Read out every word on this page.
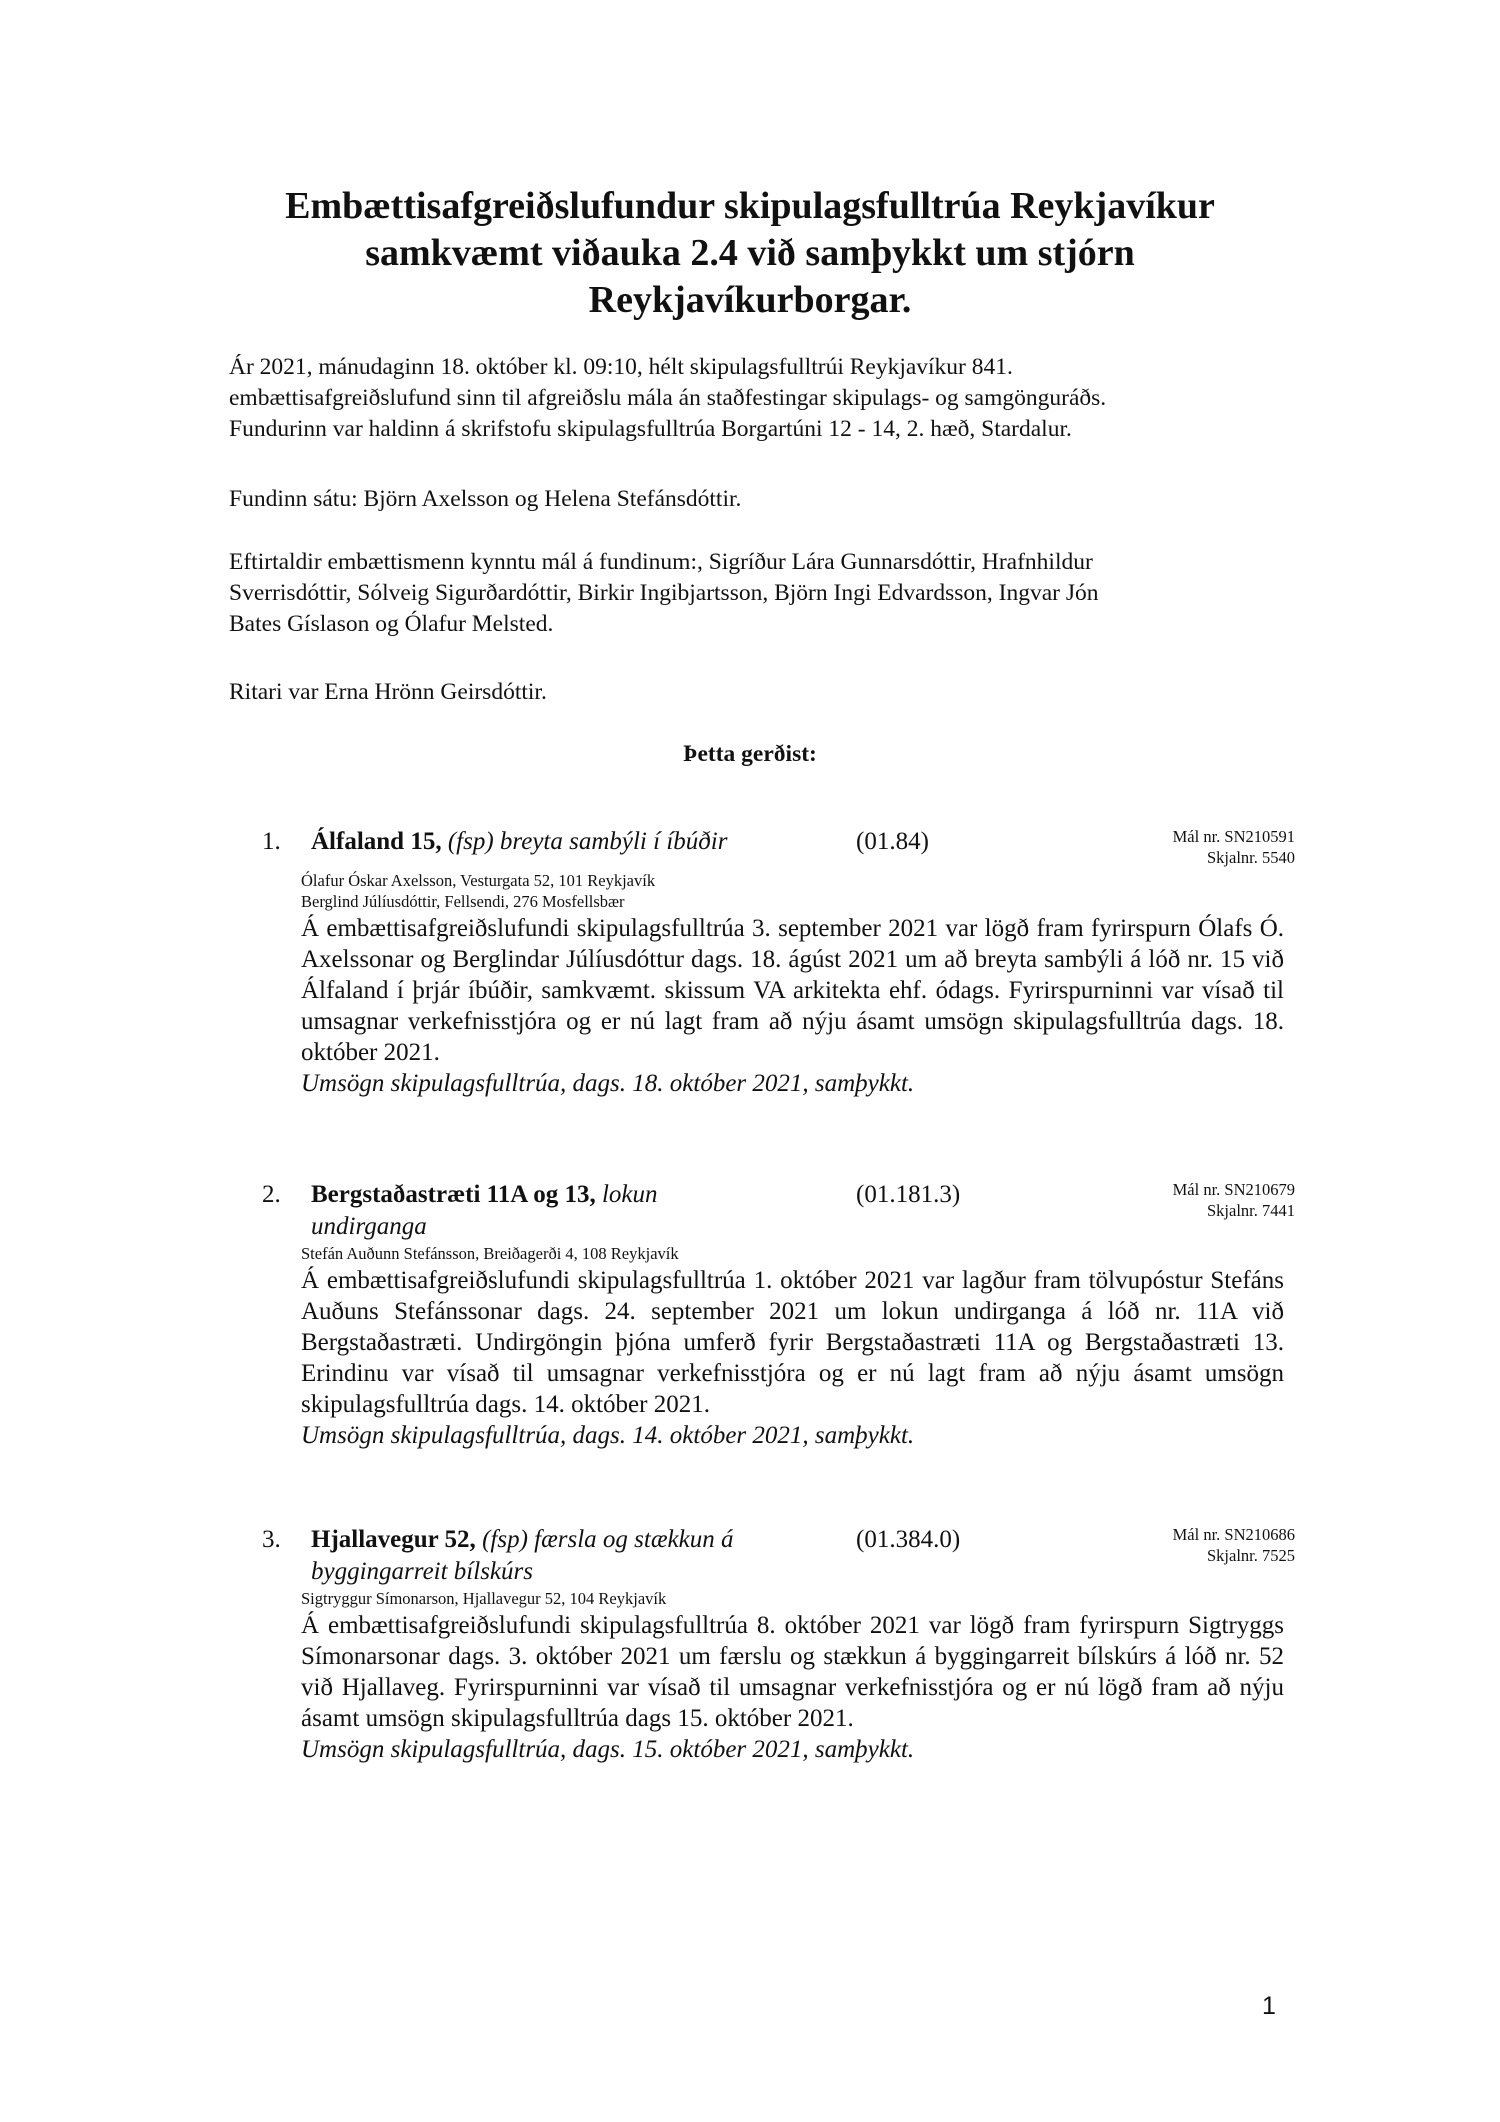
Embættisafgreiðslufundur skipulagsfulltrúa Reykjavíkur
samkvæmt viðauka 2.4 við samþykkt um stjórn
Reykjavíkurborgar.
Ár 2021, mánudaginn 18. október kl. 09:10, hélt skipulagsfulltrúi Reykjavíkur 841.
embættisafgreiðslufund sinn til afgreiðslu mála án staðfestingar skipulags- og samgönguráðs.
Fundurinn var haldinn á skrifstofu skipulagsfulltrúa Borgartúni 12 - 14, 2. hæð, Stardalur.
Fundinn sátu: Björn Axelsson og Helena Stefánsdóttir.
Eftirtaldir embættismenn kynntu mál á fundinum:, Sigríður Lára Gunnarsdóttir, Hrafnhildur
Sverrisdóttir, Sólveig Sigurðardóttir, Birkir Ingibjartsson, Björn Ingi Edvardsson, Ingvar Jón
Bates Gíslason og Ólafur Melsted.
Ritari var Erna Hrönn Geirsdóttir.
Þetta gerðist:
1. Álfaland 15, (fsp) breyta sambýli í íbúðir	(01.84)	Mál nr. SN210591
Skjalnr. 5540
Ólafur Óskar Axelsson, Vesturgata 52, 101 Reykjavík
Berglind Júlíusdóttir, Fellsendi, 276 Mosfellsbær
Á embættisafgreiðslufundi skipulagsfulltrúa 3. september 2021 var lögð fram fyrirspurn Ólafs Ó. Axelssonar og Berglindar Júlíusdóttur dags. 18. ágúst 2021 um að breyta sambýli á lóð nr. 15 við Álfaland í þrjár íbúðir, samkvæmt. skissum VA arkitekta ehf. ódags. Fyrirspurninni var vísað til umsagnar verkefnisstjóra og er nú lagt fram að nýju ásamt umsögn skipulagsfulltrúa dags. 18. október 2021.
Umsögn skipulagsfulltrúa, dags. 18. október 2021, samþykkt.
2. Bergstaðastræti 11A og 13, lokun
undirganga
(01.181.3)	Mál nr. SN210679
Skjalnr. 7441
Stefán Auðunn Stefánsson, Breiðagerði 4, 108 Reykjavík
Á embættisafgreiðslufundi skipulagsfulltrúa 1. október 2021 var lagður fram tölvupóstur Stefáns Auðuns Stefánssonar dags. 24. september 2021 um lokun undirganga á lóð nr. 11A við Bergstaðastræti. Undirgöngin þjóna umferð fyrir Bergstaðastræti 11A og Bergstaðastræti 13. Erindinu var vísað til umsagnar verkefnisstjóra og er nú lagt fram að nýju ásamt umsögn skipulagsfulltrúa dags. 14. október 2021.
Umsögn skipulagsfulltrúa, dags. 14. október 2021, samþykkt.
3. Hjallavegur 52, (fsp) færsla og stækkun á
byggingarreit bílskúrs
(01.384.0)	Mál nr. SN210686
Skjalnr. 7525
Sigtryggur Símonarson, Hjallavegur 52, 104 Reykjavík
Á embættisafgreiðslufundi skipulagsfulltrúa 8. október 2021 var lögð fram fyrirspurn Sigtryggs Símonarsonar dags. 3. október 2021 um færslu og stækkun á byggingarreit bílskúrs á lóð nr. 52 við Hjallaveg. Fyrirspurninni var vísað til umsagnar verkefnisstjóra og er nú lögð fram að nýju ásamt umsögn skipulagsfulltrúa dags 15. október 2021.
Umsögn skipulagsfulltrúa, dags. 15. október 2021, samþykkt.
1
